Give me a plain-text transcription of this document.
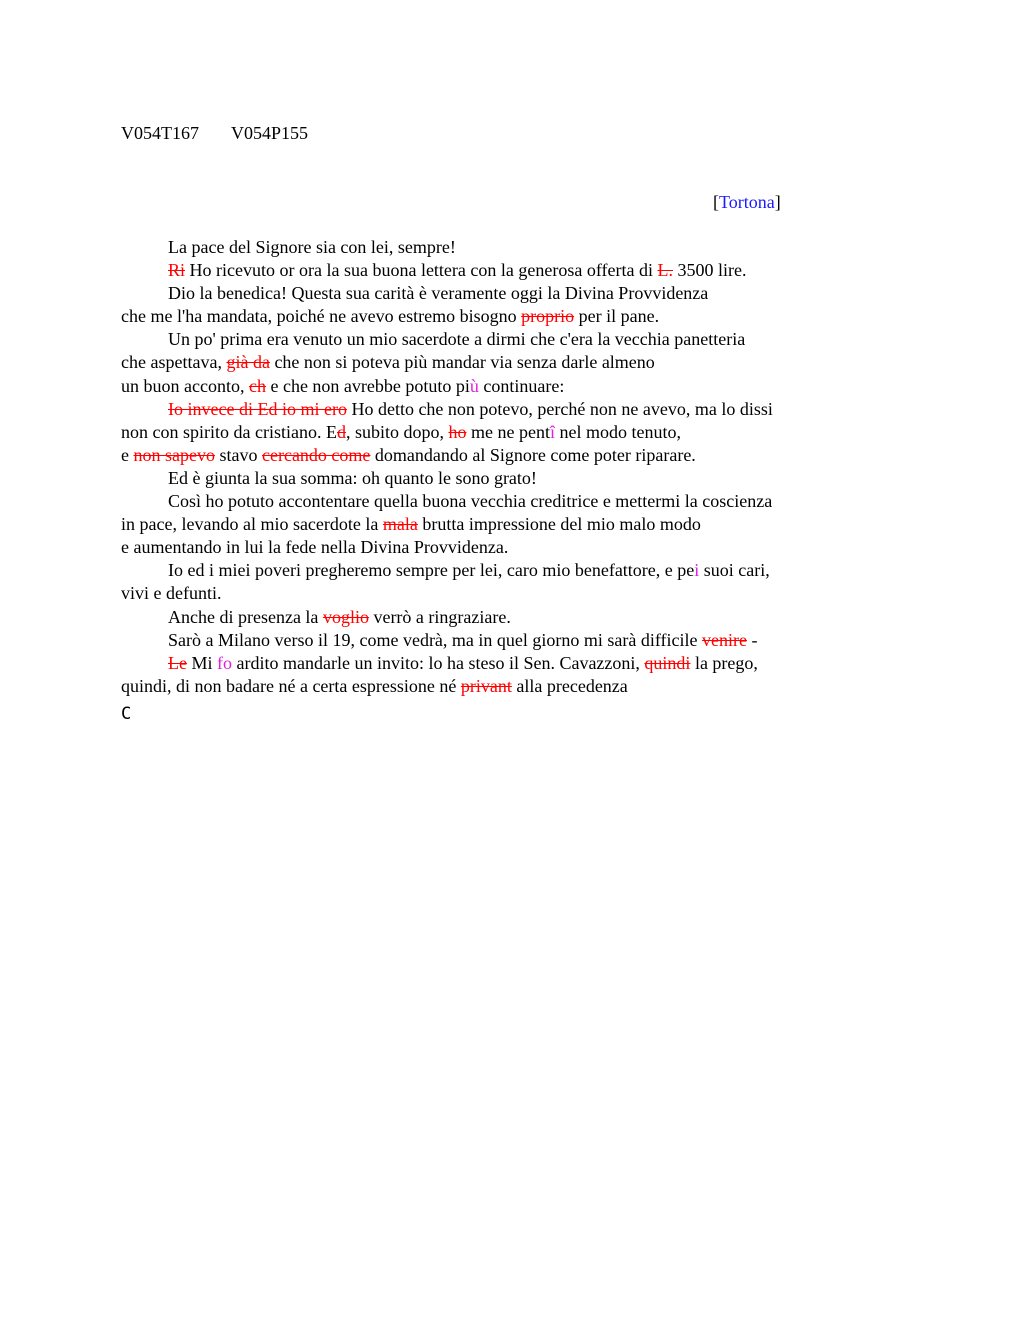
V054T167 V054P155
[Tortona]
La pace del Signore sia con lei, sempre!
Ri Ho ricevuto or ora la sua buona lettera con la generosa offerta di L. 3500 lire.
Dio la benedica! Questa sua carità è veramente oggi la Divina Provvidenza
che me l'ha mandata, poiché ne avevo estremo bisogno proprio per il pane.
Un po' prima era venuto un mio sacerdote a dirmi che c'era la vecchia panetteria
che aspettava, già da che non si poteva più mandar via senza darle almeno
un buon acconto, ch e che non avrebbe potuto più continuare:
Io invece di Ed io mi ero Ho detto che non potevo, perché non ne avevo, ma lo dissi
non con spirito da cristiano. Ed, subito dopo, ho me ne pentî nel modo tenuto,
e non sapevo stavo cercando come domandando al Signore come poter riparare.
Ed è giunta la sua somma: oh quanto le sono grato!
Così ho potuto accontentare quella buona vecchia creditrice e mettermi la coscienza
in pace, levando al mio sacerdote la mala brutta impressione del mio malo modo
e aumentando in lui la fede nella Divina Provvidenza.
Io ed i miei poveri pregheremo sempre per lei, caro mio benefattore, e pei suoi cari,
vivi e defunti.
Anche di presenza la voglio verrò a ringraziare.
Sarò a Milano verso il 19, come vedrà, ma in quel giorno mi sarà difficile venire -
Le Mi fo ardito mandarle un invito: lo ha steso il Sen. Cavazzoni, quindi la prego,
quindi, di non badare né a certa espressione né privant alla precedenza
C
